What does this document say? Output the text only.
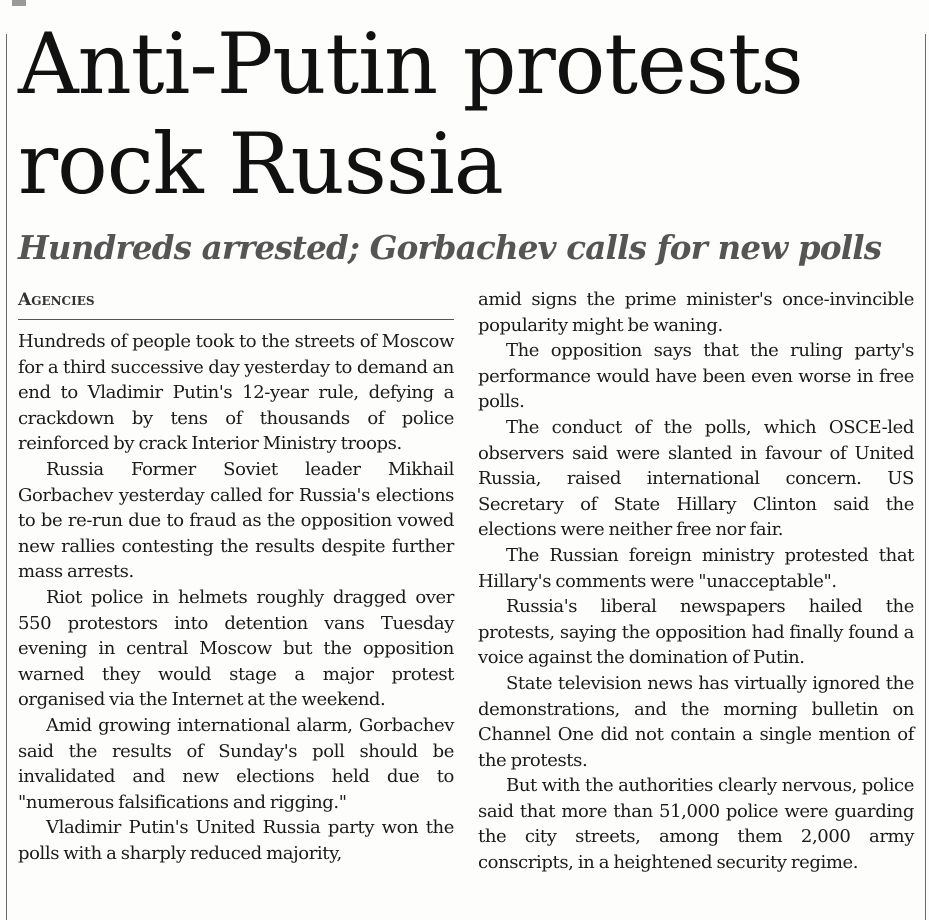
Anti-Putin protests rock Russia
Hundreds arrested; Gorbachev calls for new polls
Agencies

Hundreds of people took to the streets of Moscow for a third successive day yesterday to demand an end to Vladimir Putin's 12-year rule, defying a crackdown by tens of thousands of police reinforced by crack Interior Ministry troops.

Russia Former Soviet leader Mikhail Gorbachev yesterday called for Russia's elections to be re-run due to fraud as the opposition vowed new rallies contesting the results despite further mass arrests.

Riot police in helmets roughly dragged over 550 protestors into detention vans Tuesday evening in central Moscow but the opposition warned they would stage a major protest organised via the Internet at the weekend.

Amid growing international alarm, Gorbachev said the results of Sunday's poll should be invalidated and new elections held due to "numerous falsifications and rigging."

Vladimir Putin's United Russia party won the polls with a sharply reduced majority,

amid signs the prime minister's once-invincible popularity might be waning.

The opposition says that the ruling party's performance would have been even worse in free polls.

The conduct of the polls, which OSCE-led observers said were slanted in favour of United Russia, raised international concern. US Secretary of State Hillary Clinton said the elections were neither free nor fair.

The Russian foreign ministry protested that Hillary's comments were "unacceptable".

Russia's liberal newspapers hailed the protests, saying the opposition had finally found a voice against the domination of Putin.

State television news has virtually ignored the demonstrations, and the morning bulletin on Channel One did not contain a single mention of the protests.

But with the authorities clearly nervous, police said that more than 51,000 police were guarding the city streets, among them 2,000 army conscripts, in a heightened security regime.
